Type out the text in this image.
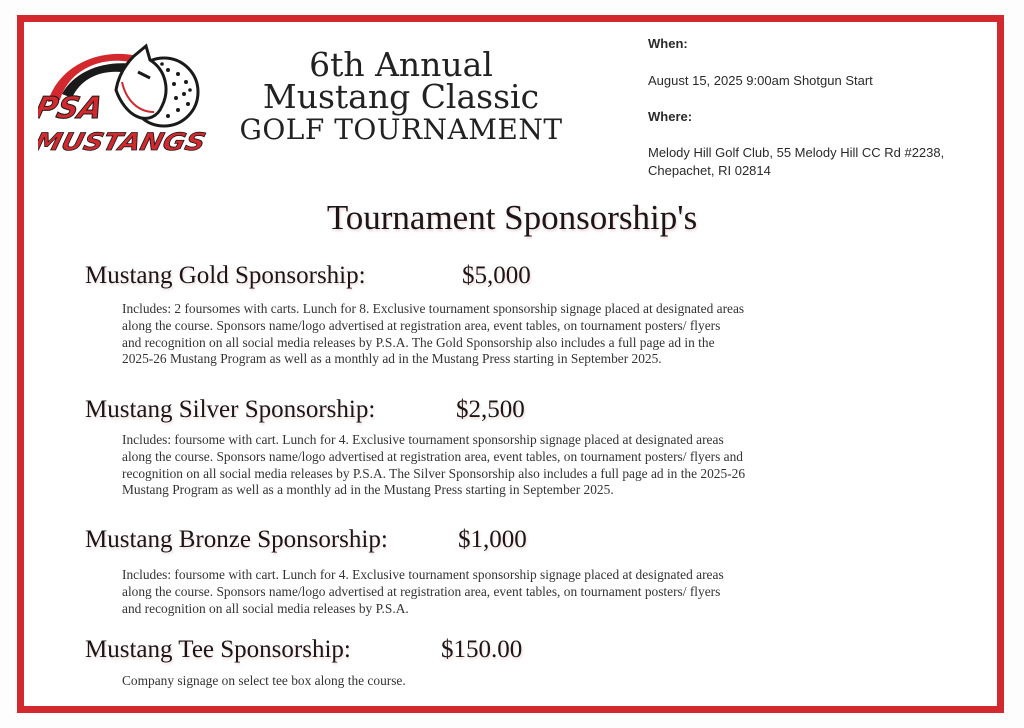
PSA
MUSTANGS
6th Annual
Mustang Classic
GOLF TOURNAMENT

When:

August 15, 2025 9:00am Shotgun Start

Where:

Melody Hill Golf Club, 55 Melody Hill CC Rd #2238, Chepachet, RI 02814

Tournament Sponsorship's
Mustang Gold Sponsorship:	$5,000
Includes: 2 foursomes with carts. Lunch for 8. Exclusive tournament sponsorship signage placed at designated areas
along the course. Sponsors name/logo advertised at registration area, event tables, on tournament posters/ flyers
and recognition on all social media releases by P.S.A. The Gold Sponsorship also includes a full page ad in the
2025-26 Mustang Program as well as a monthly ad in the Mustang Press starting in September 2025.
Mustang Silver Sponsorship:	$2,500
Includes: foursome with cart. Lunch for 4. Exclusive tournament sponsorship signage placed at designated areas
along the course. Sponsors name/logo advertised at registration area, event tables, on tournament posters/ flyers and
recognition on all social media releases by P.S.A. The Silver Sponsorship also includes a full page ad in the 2025-26
Mustang Program as well as a monthly ad in the Mustang Press starting in September 2025.
Mustang Bronze Sponsorship:	$1,000
Includes: foursome with cart. Lunch for 4. Exclusive tournament sponsorship signage placed at designated areas
along the course. Sponsors name/logo advertised at registration area, event tables, on tournament posters/ flyers
and recognition on all social media releases by P.S.A.
Mustang Tee Sponsorship:	$150.00
Company signage on select tee box along the course.
